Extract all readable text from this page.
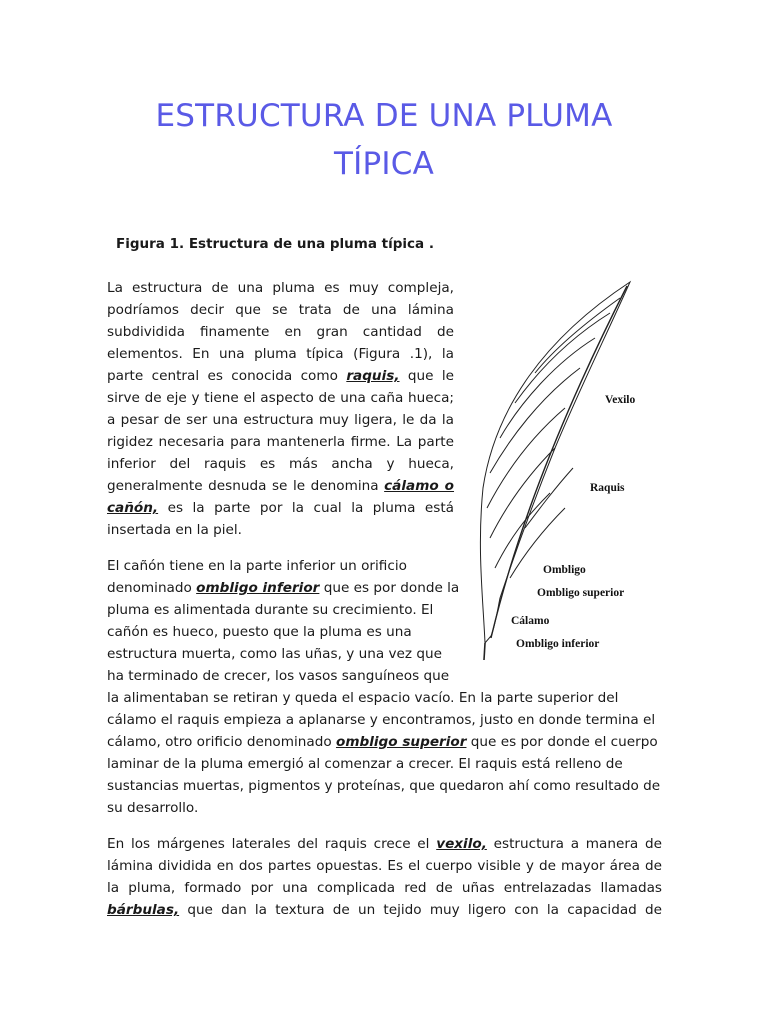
ESTRUCTURA DE UNA PLUMA
TÍPICA

Figura 1. Estructura de una pluma típica .

La estructura de una pluma es muy compleja, podríamos decir que se trata de una lámina subdividida finamente en gran cantidad de elementos. En una pluma típica (Figura .1), la parte central es conocida como raquis, que le sirve de eje y tiene el aspecto de una caña hueca; a pesar de ser una estructura muy ligera, le da la rigidez necesaria para mantenerla firme. La parte inferior del raquis es más ancha y hueca, generalmente desnuda se le denomina cálamo o cañón, es la parte por la cual la pluma está insertada en la piel.

Vexilo
Raquis
Ombligo
Ombligo superior
Cálamo
Ombligo inferior
El cañón tiene en la parte inferior un orificio
denominado ombligo inferior que es por donde la
pluma es alimentada durante su crecimiento. El
cañón es hueco, puesto que la pluma es una
estructura muerta, como las uñas, y una vez que
ha terminado de crecer, los vasos sanguíneos que
la alimentaban se retiran y queda el espacio vacío. En la parte superior del
cálamo el raquis empieza a aplanarse y encontramos, justo en donde termina el
cálamo, otro orificio denominado ombligo superior que es por donde el cuerpo
laminar de la pluma emergió al comenzar a crecer. El raquis está relleno de
sustancias muertas, pigmentos y proteínas, que quedaron ahí como resultado de
su desarrollo.
En los márgenes laterales del raquis crece el vexilo, estructura a manera de
lámina dividida en dos partes opuestas. Es el cuerpo visible y de mayor área de
la pluma, formado por una complicada red de uñas entrelazadas llamadas
bárbulas, que dan la textura de un tejido muy ligero con la capacidad de
